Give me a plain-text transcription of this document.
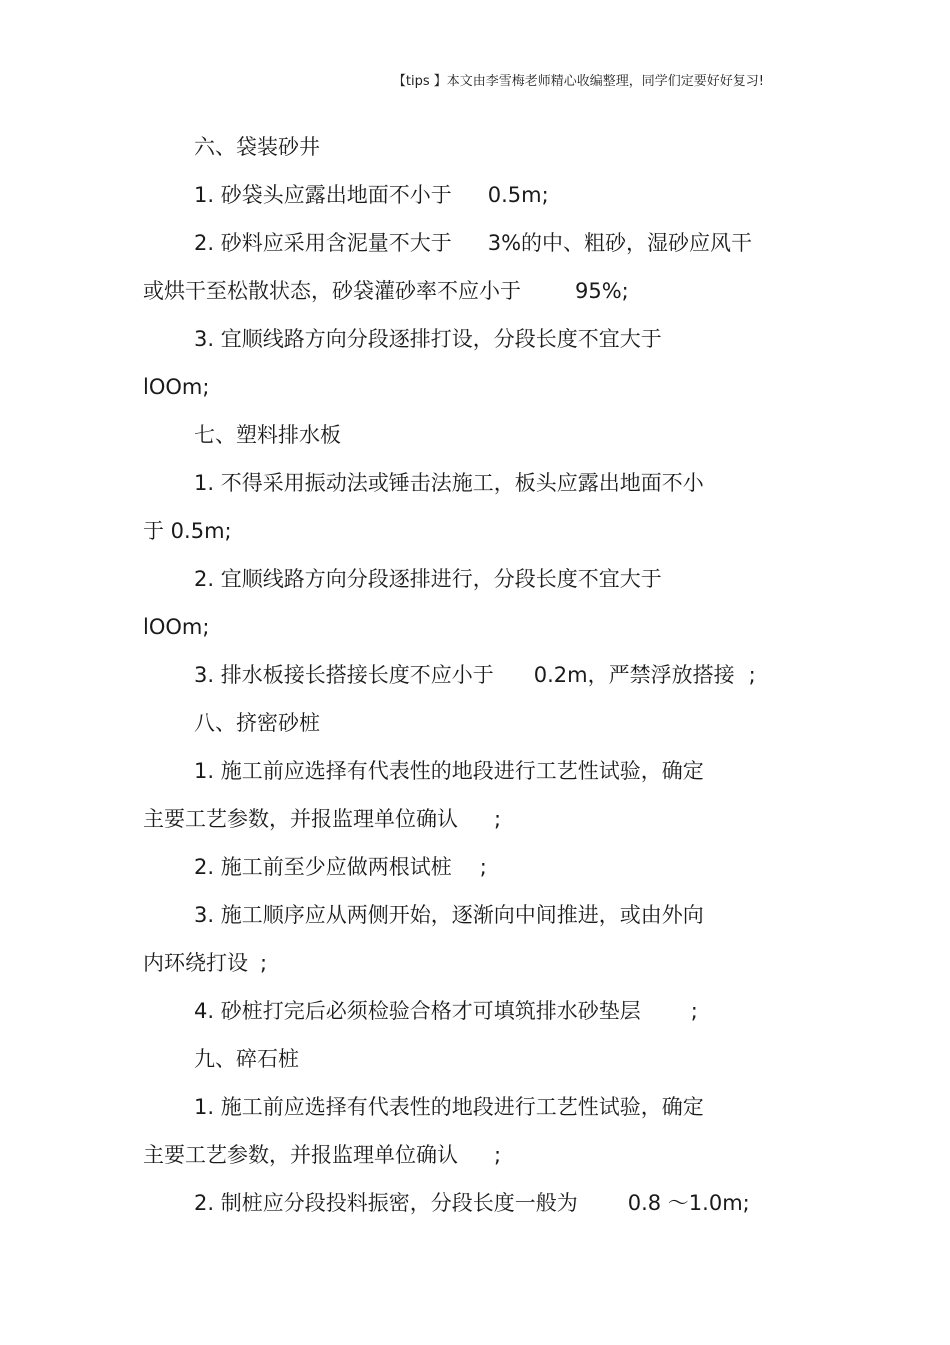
【tips 】本文由李雪梅老师精心收编整理，同学们定要好好复习!
六、袋装砂井
1. 砂袋头应露出地面不小于 0.5m;
2. 砂料应采用含泥量不大于 3%的中、粗砂，湿砂应风干
或烘干至松散状态，砂袋灌砂率不应小于	95%;
3. 宜顺线路方向分段逐排打设，分段长度不宜大于
lOOm;
七、塑料排水板
1. 不得采用振动法或锤击法施工，板头应露出地面不小
于 0.5m;
2. 宜顺线路方向分段逐排进行，分段长度不宜大于
lOOm;
3. 排水板接长搭接长度不应小于 0.2m，严禁浮放搭接 ;
八、挤密砂桩
1. 施工前应选择有代表性的地段进行工艺性试验，确定
主要工艺参数，并报监理单位确认 ;
2. 施工前至少应做两根试桩 ;
3. 施工顺序应从两侧开始，逐渐向中间推进，或由外向
内环绕打设 ;
4. 砂桩打完后必须检验合格才可填筑排水砂垫层 ;
九、碎石桩
1. 施工前应选择有代表性的地段进行工艺性试验，确定
主要工艺参数，并报监理单位确认 ;
2. 制桩应分段投料振密，分段长度一般为 0.8 ～1.0m;
